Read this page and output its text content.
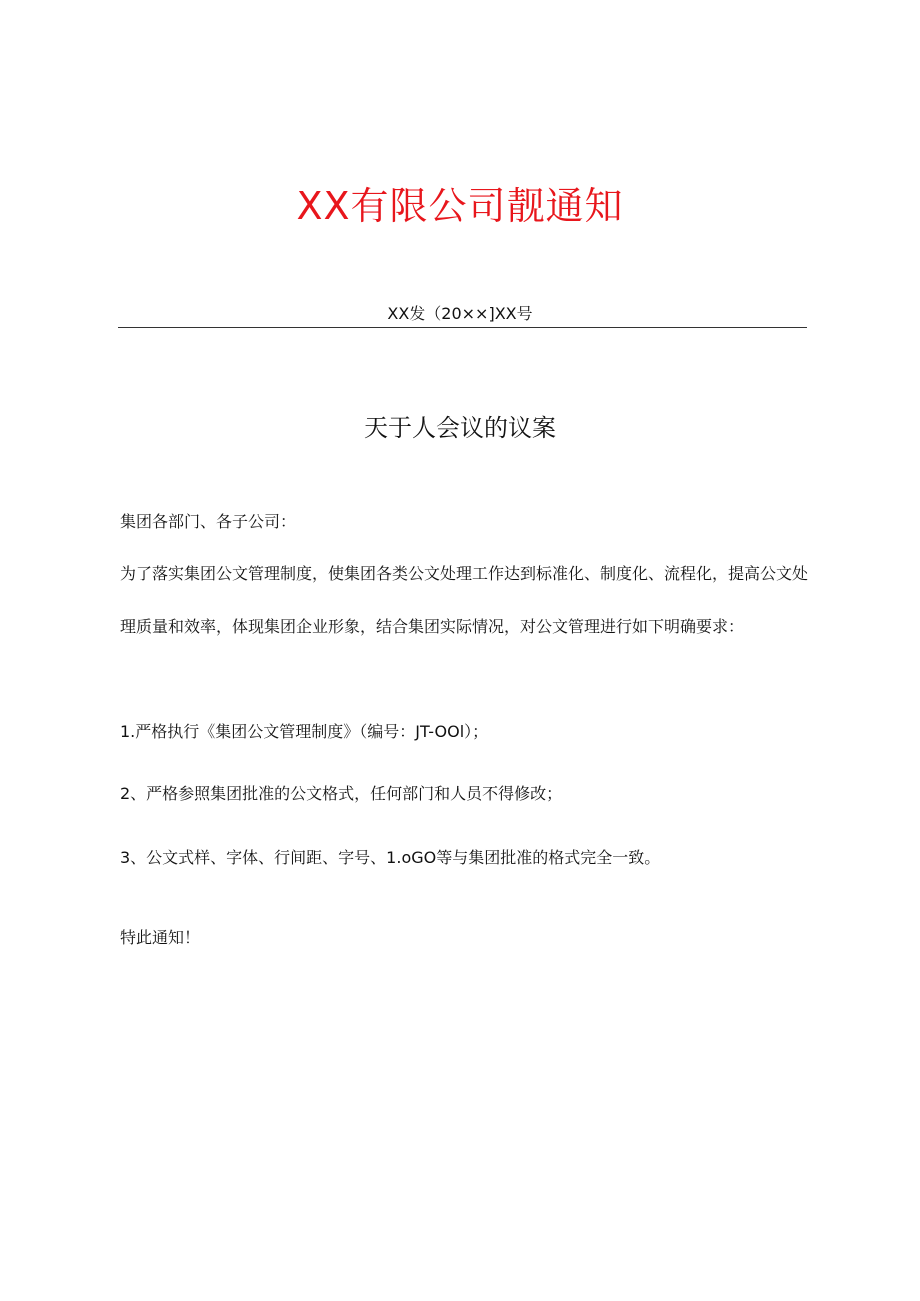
XX有限公司靓通知
XX发（20××]XX号
天于人会议的议案

集团各部门、各子公司：

为了落实集团公文管理制度，使集团各类公文处理工作达到标准化、制度化、流程化，提高公文处理质量和效率，体现集团企业形象，结合集团实际情况，对公文管理进行如下明确要求：

1.严格执行《集团公文管理制度》（编号：JT-OOl）；

2、严格参照集团批准的公文格式，任何部门和人员不得修改；

3、公文式样、字体、行间距、字号、1.oGO等与集团批准的格式完全一致。

特此通知！
